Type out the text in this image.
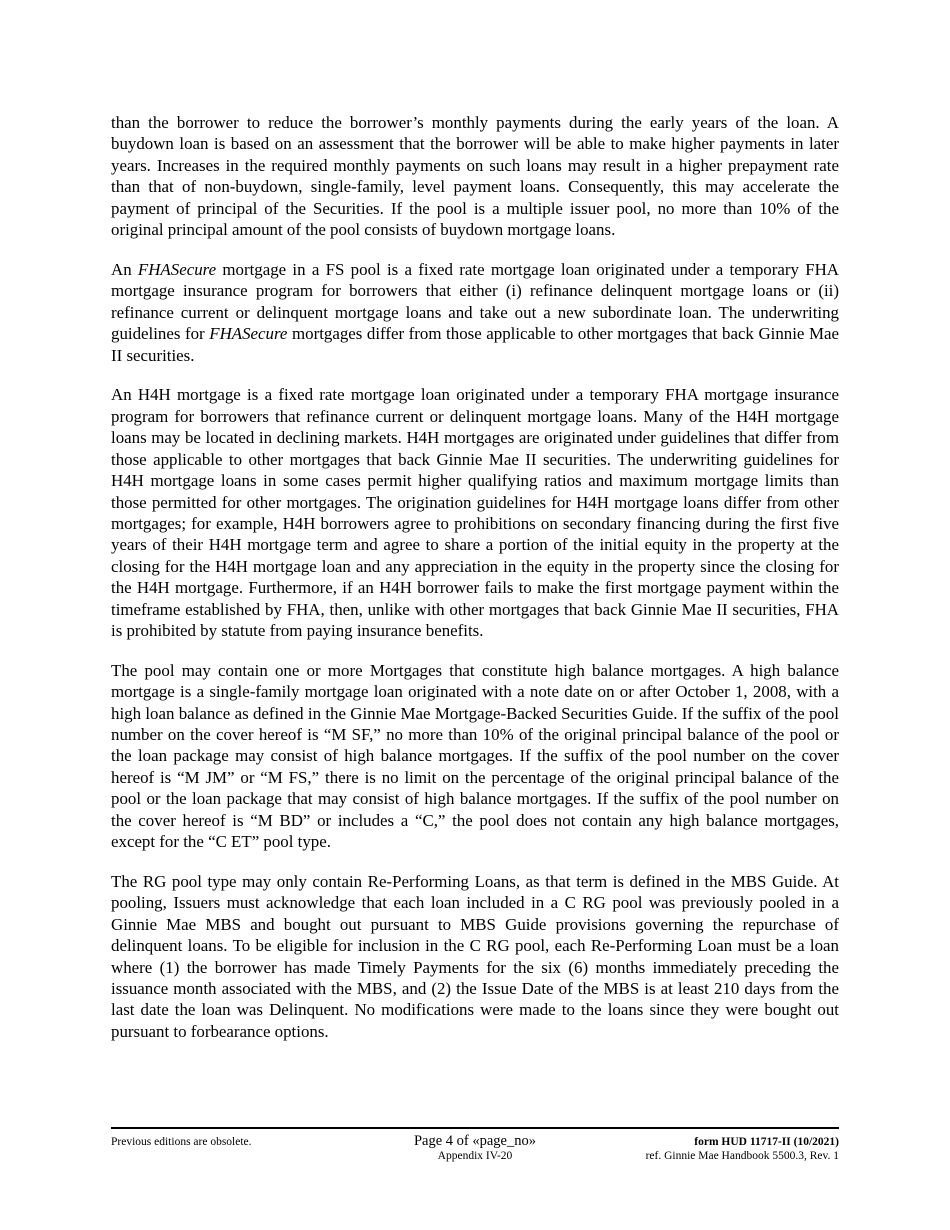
than the borrower to reduce the borrower’s monthly payments during the early years of the loan. A buydown loan is based on an assessment that the borrower will be able to make higher payments in later years. Increases in the required monthly payments on such loans may result in a higher prepayment rate than that of non-buydown, single-family, level payment loans. Consequently, this may accelerate the payment of principal of the Securities. If the pool is a multiple issuer pool, no more than 10% of the original principal amount of the pool consists of buydown mortgage loans.

An FHASecure mortgage in a FS pool is a fixed rate mortgage loan originated under a temporary FHA mortgage insurance program for borrowers that either (i) refinance delinquent mortgage loans or (ii) refinance current or delinquent mortgage loans and take out a new subordinate loan. The underwriting guidelines for FHASecure mortgages differ from those applicable to other mortgages that back Ginnie Mae II securities.

An H4H mortgage is a fixed rate mortgage loan originated under a temporary FHA mortgage insurance program for borrowers that refinance current or delinquent mortgage loans. Many of the H4H mortgage loans may be located in declining markets. H4H mortgages are originated under guidelines that differ from those applicable to other mortgages that back Ginnie Mae II securities. The underwriting guidelines for H4H mortgage loans in some cases permit higher qualifying ratios and maximum mortgage limits than those permitted for other mortgages. The origination guidelines for H4H mortgage loans differ from other mortgages; for example, H4H borrowers agree to prohibitions on secondary financing during the first five years of their H4H mortgage term and agree to share a portion of the initial equity in the property at the closing for the H4H mortgage loan and any appreciation in the equity in the property since the closing for the H4H mortgage. Furthermore, if an H4H borrower fails to make the first mortgage payment within the timeframe established by FHA, then, unlike with other mortgages that back Ginnie Mae II securities, FHA is prohibited by statute from paying insurance benefits.

The pool may contain one or more Mortgages that constitute high balance mortgages. A high balance mortgage is a single-family mortgage loan originated with a note date on or after October 1, 2008, with a high loan balance as defined in the Ginnie Mae Mortgage-Backed Securities Guide. If the suffix of the pool number on the cover hereof is “M SF,” no more than 10% of the original principal balance of the pool or the loan package may consist of high balance mortgages. If the suffix of the pool number on the cover hereof is “M JM” or “M FS,” there is no limit on the percentage of the original principal balance of the pool or the loan package that may consist of high balance mortgages. If the suffix of the pool number on the cover hereof is “M BD” or includes a “C,” the pool does not contain any high balance mortgages, except for the “C ET” pool type.

The RG pool type may only contain Re-Performing Loans, as that term is defined in the MBS Guide. At pooling, Issuers must acknowledge that each loan included in a C RG pool was previously pooled in a Ginnie Mae MBS and bought out pursuant to MBS Guide provisions governing the repurchase of delinquent loans. To be eligible for inclusion in the C RG pool, each Re-Performing Loan must be a loan where (1) the borrower has made Timely Payments for the six (6) months immediately preceding the issuance month associated with the MBS, and (2) the Issue Date of the MBS is at least 210 days from the last date the loan was Delinquent. No modifications were made to the loans since they were bought out pursuant to forbearance options.

Previous editions are obsolete.	Page 4 of «page_no»	form HUD 11717-II (10/2021)
Appendix IV-20	ref. Ginnie Mae Handbook 5500.3, Rev. 1
